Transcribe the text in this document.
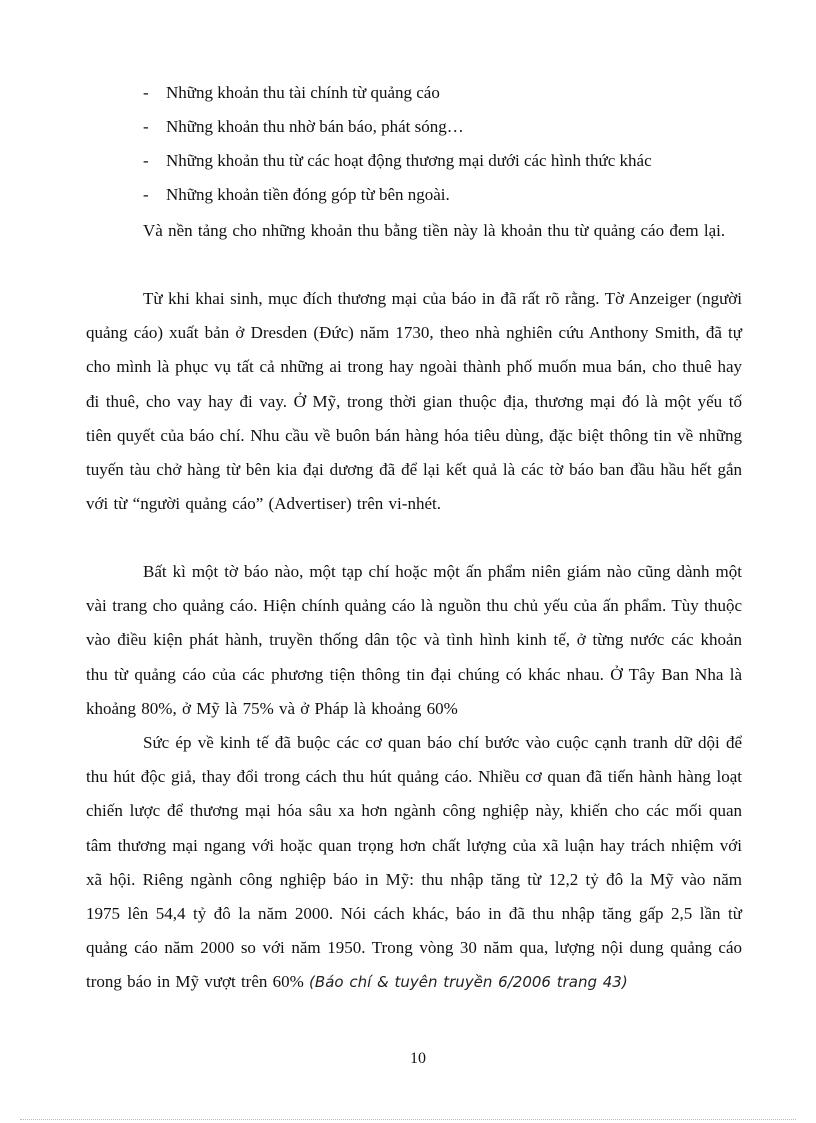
-	Những khoản thu tài chính từ quảng cáo
-	Những khoản thu nhờ bán báo, phát sóng…
-	Những khoản thu từ các hoạt động thương mại dưới các hình thức khác
-	Những khoản tiền đóng góp từ bên ngoài.

Và nền tảng cho những khoản thu bằng tiền này là khoản thu từ quảng cáo đem lại.

Từ khi khai sinh, mục đích thương mại của báo in đã rất rõ rằng. Tờ Anzeiger (người quảng cáo) xuất bản ở Dresden (Đức) năm 1730, theo nhà nghiên cứu Anthony Smith, đã tự cho mình là phục vụ tất cả những ai trong hay ngoài thành phố muốn mua bán, cho thuê hay đi thuê, cho vay hay đi vay. Ở Mỹ, trong thời gian thuộc địa, thương mại đó là một yếu tố tiên quyết của báo chí. Nhu cầu về buôn bán hàng hóa tiêu dùng, đặc biệt thông tin về những tuyến tàu chở hàng từ bên kia đại dương đã để lại kết quả là các tờ báo ban đầu hầu hết gắn với từ “người quảng cáo” (Advertiser) trên vi-nhét.

Bất kì một tờ báo nào, một tạp chí hoặc một ấn phẩm niên giám nào cũng dành một vài trang cho quảng cáo. Hiện chính quảng cáo là nguồn thu chủ yếu của ấn phẩm. Tùy thuộc vào điều kiện phát hành, truyền thống dân tộc và tình hình kinh tế, ở từng nước các khoản thu từ quảng cáo của các phương tiện thông tin đại chúng có khác nhau. Ở Tây Ban Nha là khoảng 80%, ở Mỹ là 75% và ở Pháp là khoảng 60%

Sức ép về kinh tế đã buộc các cơ quan báo chí bước vào cuộc cạnh tranh dữ dội để thu hút độc giả, thay đổi trong cách thu hút quảng cáo. Nhiều cơ quan đã tiến hành hàng loạt chiến lược để thương mại hóa sâu xa hơn ngành công nghiệp này, khiến cho các mối quan tâm thương mại ngang với hoặc quan trọng hơn chất lượng của xã luận hay trách nhiệm với xã hội. Riêng ngành công nghiệp báo in Mỹ: thu nhập tăng từ 12,2 tỷ đô la Mỹ vào năm 1975 lên 54,4 tỷ đô la năm 2000. Nói cách khác, báo in đã thu nhập tăng gấp 2,5 lần từ quảng cáo năm 2000 so với năm 1950. Trong vòng 30 năm qua, lượng nội dung quảng cáo trong báo in Mỹ vượt trên 60% (Báo chí & tuyên truyền 6/2006 trang 43)

10
